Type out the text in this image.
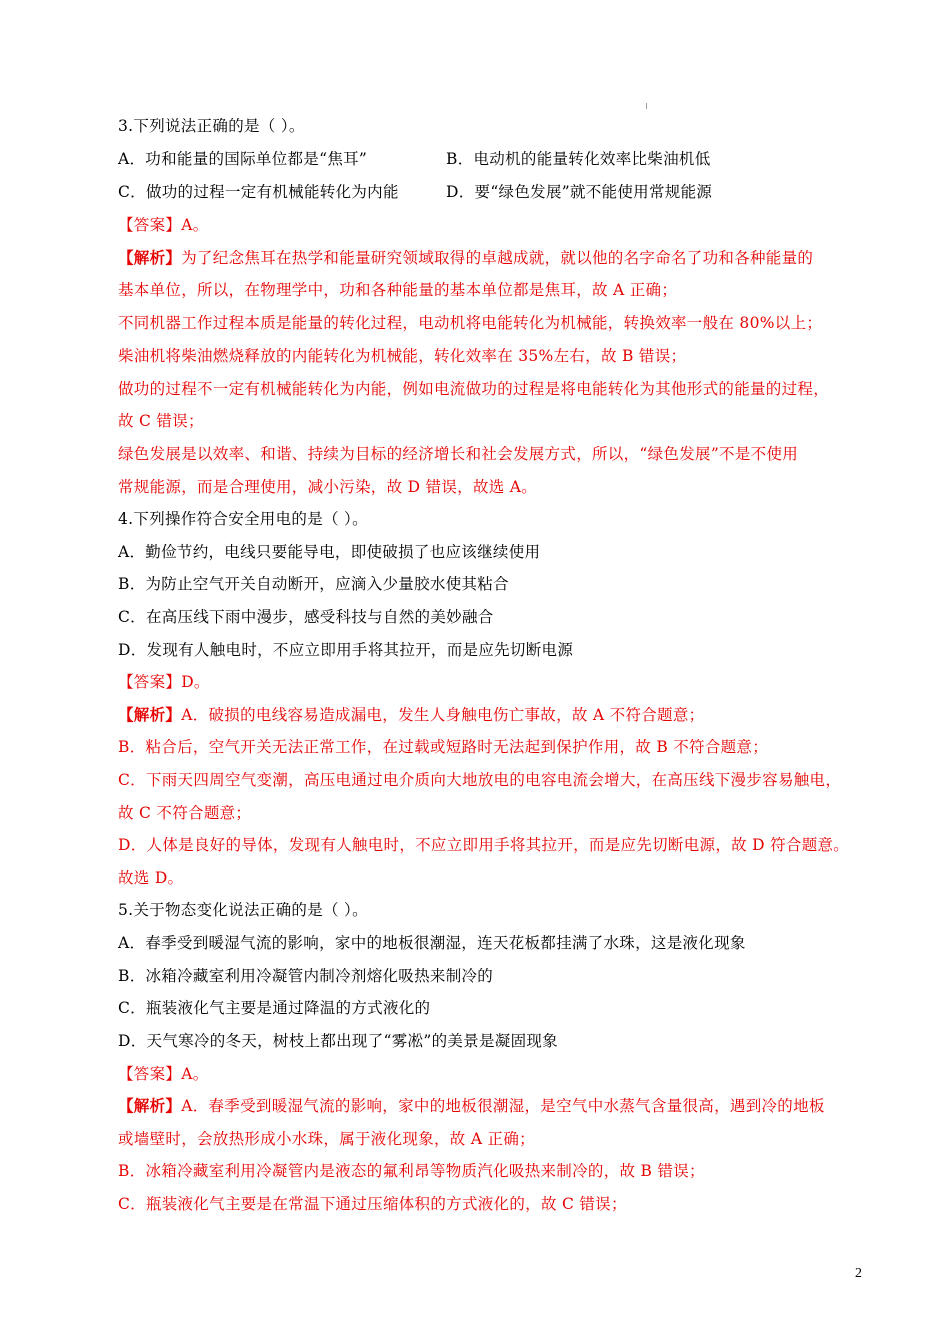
3.下列说法正确的是（ ）。
A．功和能量的国际单位都是“焦耳”	B．电动机的能量转化效率比柴油机低
C．做功的过程一定有机械能转化为内能	D．要“绿色发展”就不能使用常规能源
【答案】A。
【解析】为了纪念焦耳在热学和能量研究领域取得的卓越成就，就以他的名字命名了功和各种能量的
基本单位，所以，在物理学中，功和各种能量的基本单位都是焦耳，故 A 正确；
不同机器工作过程本质是能量的转化过程，电动机将电能转化为机械能，转换效率一般在 80%以上；
柴油机将柴油燃烧释放的内能转化为机械能，转化效率在 35%左右，故 B 错误；
做功的过程不一定有机械能转化为内能，例如电流做功的过程是将电能转化为其他形式的能量的过程，
故 C 错误；
绿色发展是以效率、和谐、持续为目标的经济增长和社会发展方式，所以，“绿色发展”不是不使用
常规能源，而是合理使用，减小污染，故 D 错误，故选 A。
4.下列操作符合安全用电的是（ ）。
A．勤俭节约，电线只要能导电，即使破损了也应该继续使用
B．为防止空气开关自动断开，应滴入少量胶水使其粘合
C．在高压线下雨中漫步，感受科技与自然的美妙融合
D．发现有人触电时，不应立即用手将其拉开，而是应先切断电源
【答案】D。
【解析】A．破损的电线容易造成漏电，发生人身触电伤亡事故，故 A 不符合题意；
B．粘合后，空气开关无法正常工作，在过载或短路时无法起到保护作用，故 B 不符合题意；
C．下雨天四周空气变潮，高压电通过电介质向大地放电的电容电流会增大，在高压线下漫步容易触电，
故 C 不符合题意；
D．人体是良好的导体，发现有人触电时，不应立即用手将其拉开，而是应先切断电源，故 D 符合题意。
故选 D。
5.关于物态变化说法正确的是（ ）。
A．春季受到暖湿气流的影响，家中的地板很潮湿，连天花板都挂满了水珠，这是液化现象
B．冰箱冷藏室利用冷凝管内制冷剂熔化吸热来制冷的
C．瓶装液化气主要是通过降温的方式液化的
D．天气寒冷的冬天，树枝上都出现了“雾凇”的美景是凝固现象
【答案】A。
【解析】A．春季受到暖湿气流的影响，家中的地板很潮湿，是空气中水蒸气含量很高，遇到冷的地板
或墙壁时，会放热形成小水珠，属于液化现象，故 A 正确；
B．冰箱冷藏室利用冷凝管内是液态的氟利昂等物质汽化吸热来制冷的，故 B 错误；
C．瓶装液化气主要是在常温下通过压缩体积的方式液化的，故 C 错误；
2
